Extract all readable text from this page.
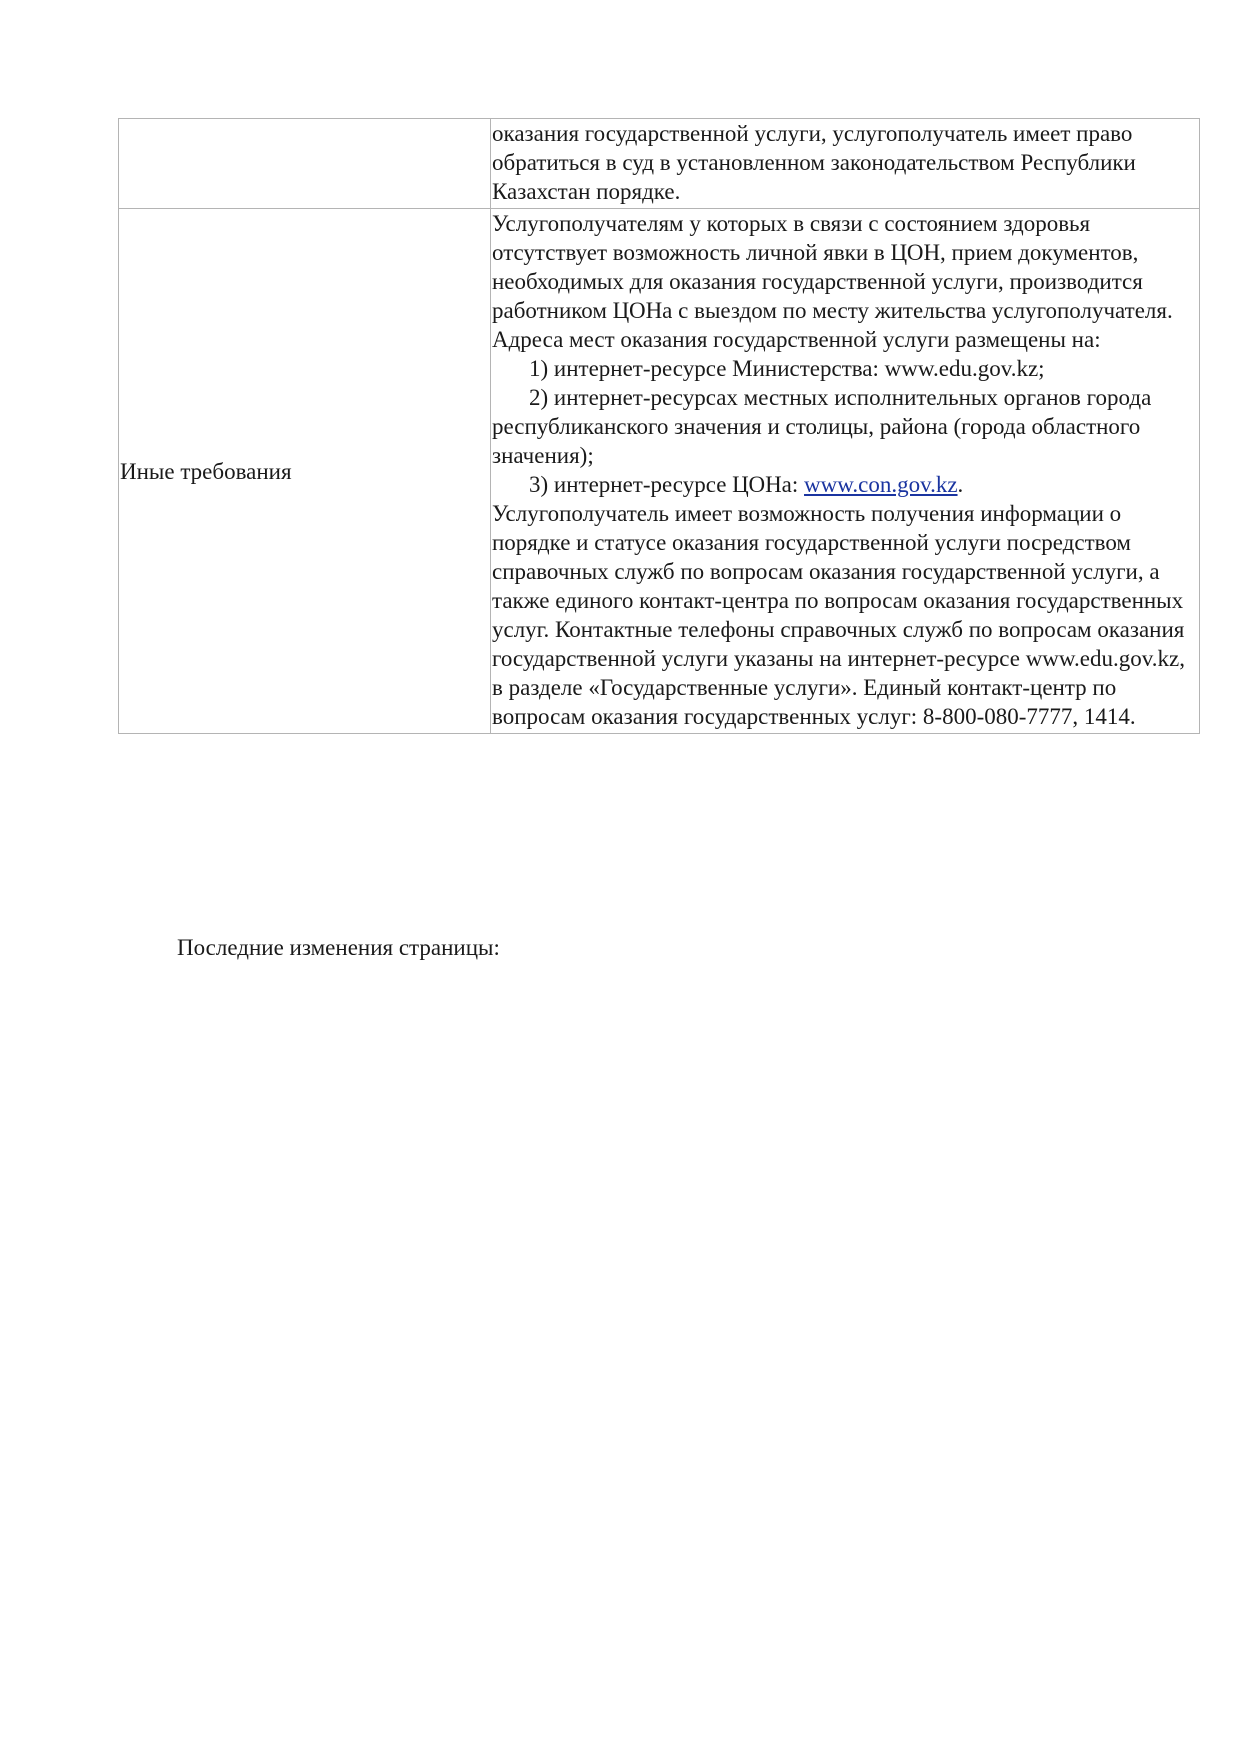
	оказания государственной услуги, услугополучатель имеет право обратиться в суд в установленном законодательством Республики Казахстан порядке.

Иные требования	Услугополучателям у которых в связи с состоянием здоровья отсутствует возможность личной явки в ЦОН, прием документов, необходимых для оказания государственной услуги, производится работником ЦОНа с выездом по месту жительства услугополучателя. Адреса мест оказания государственной услуги размещены на:

1) интернет-ресурсе Министерства: www.edu.gov.kz;

2) интернет-ресурсах местных исполнительных органов города республиканского значения и столицы, района (города областного значения);

3) интернет-ресурсе ЦОНа: www.con.gov.kz.

Услугополучатель имеет возможность получения информации о порядке и статусе оказания государственной услуги посредством справочных служб по вопросам оказания государственной услуги, а также единого контакт-центра по вопросам оказания государственных услуг. Контактные телефоны справочных служб по вопросам оказания государственной услуги указаны на интернет-ресурсе www.edu.gov.kz, в разделе «Государственные услуги». Единый контакт-центр по вопросам оказания государственных услуг: 8-800-080-7777, 1414.

Последние изменения страницы:
